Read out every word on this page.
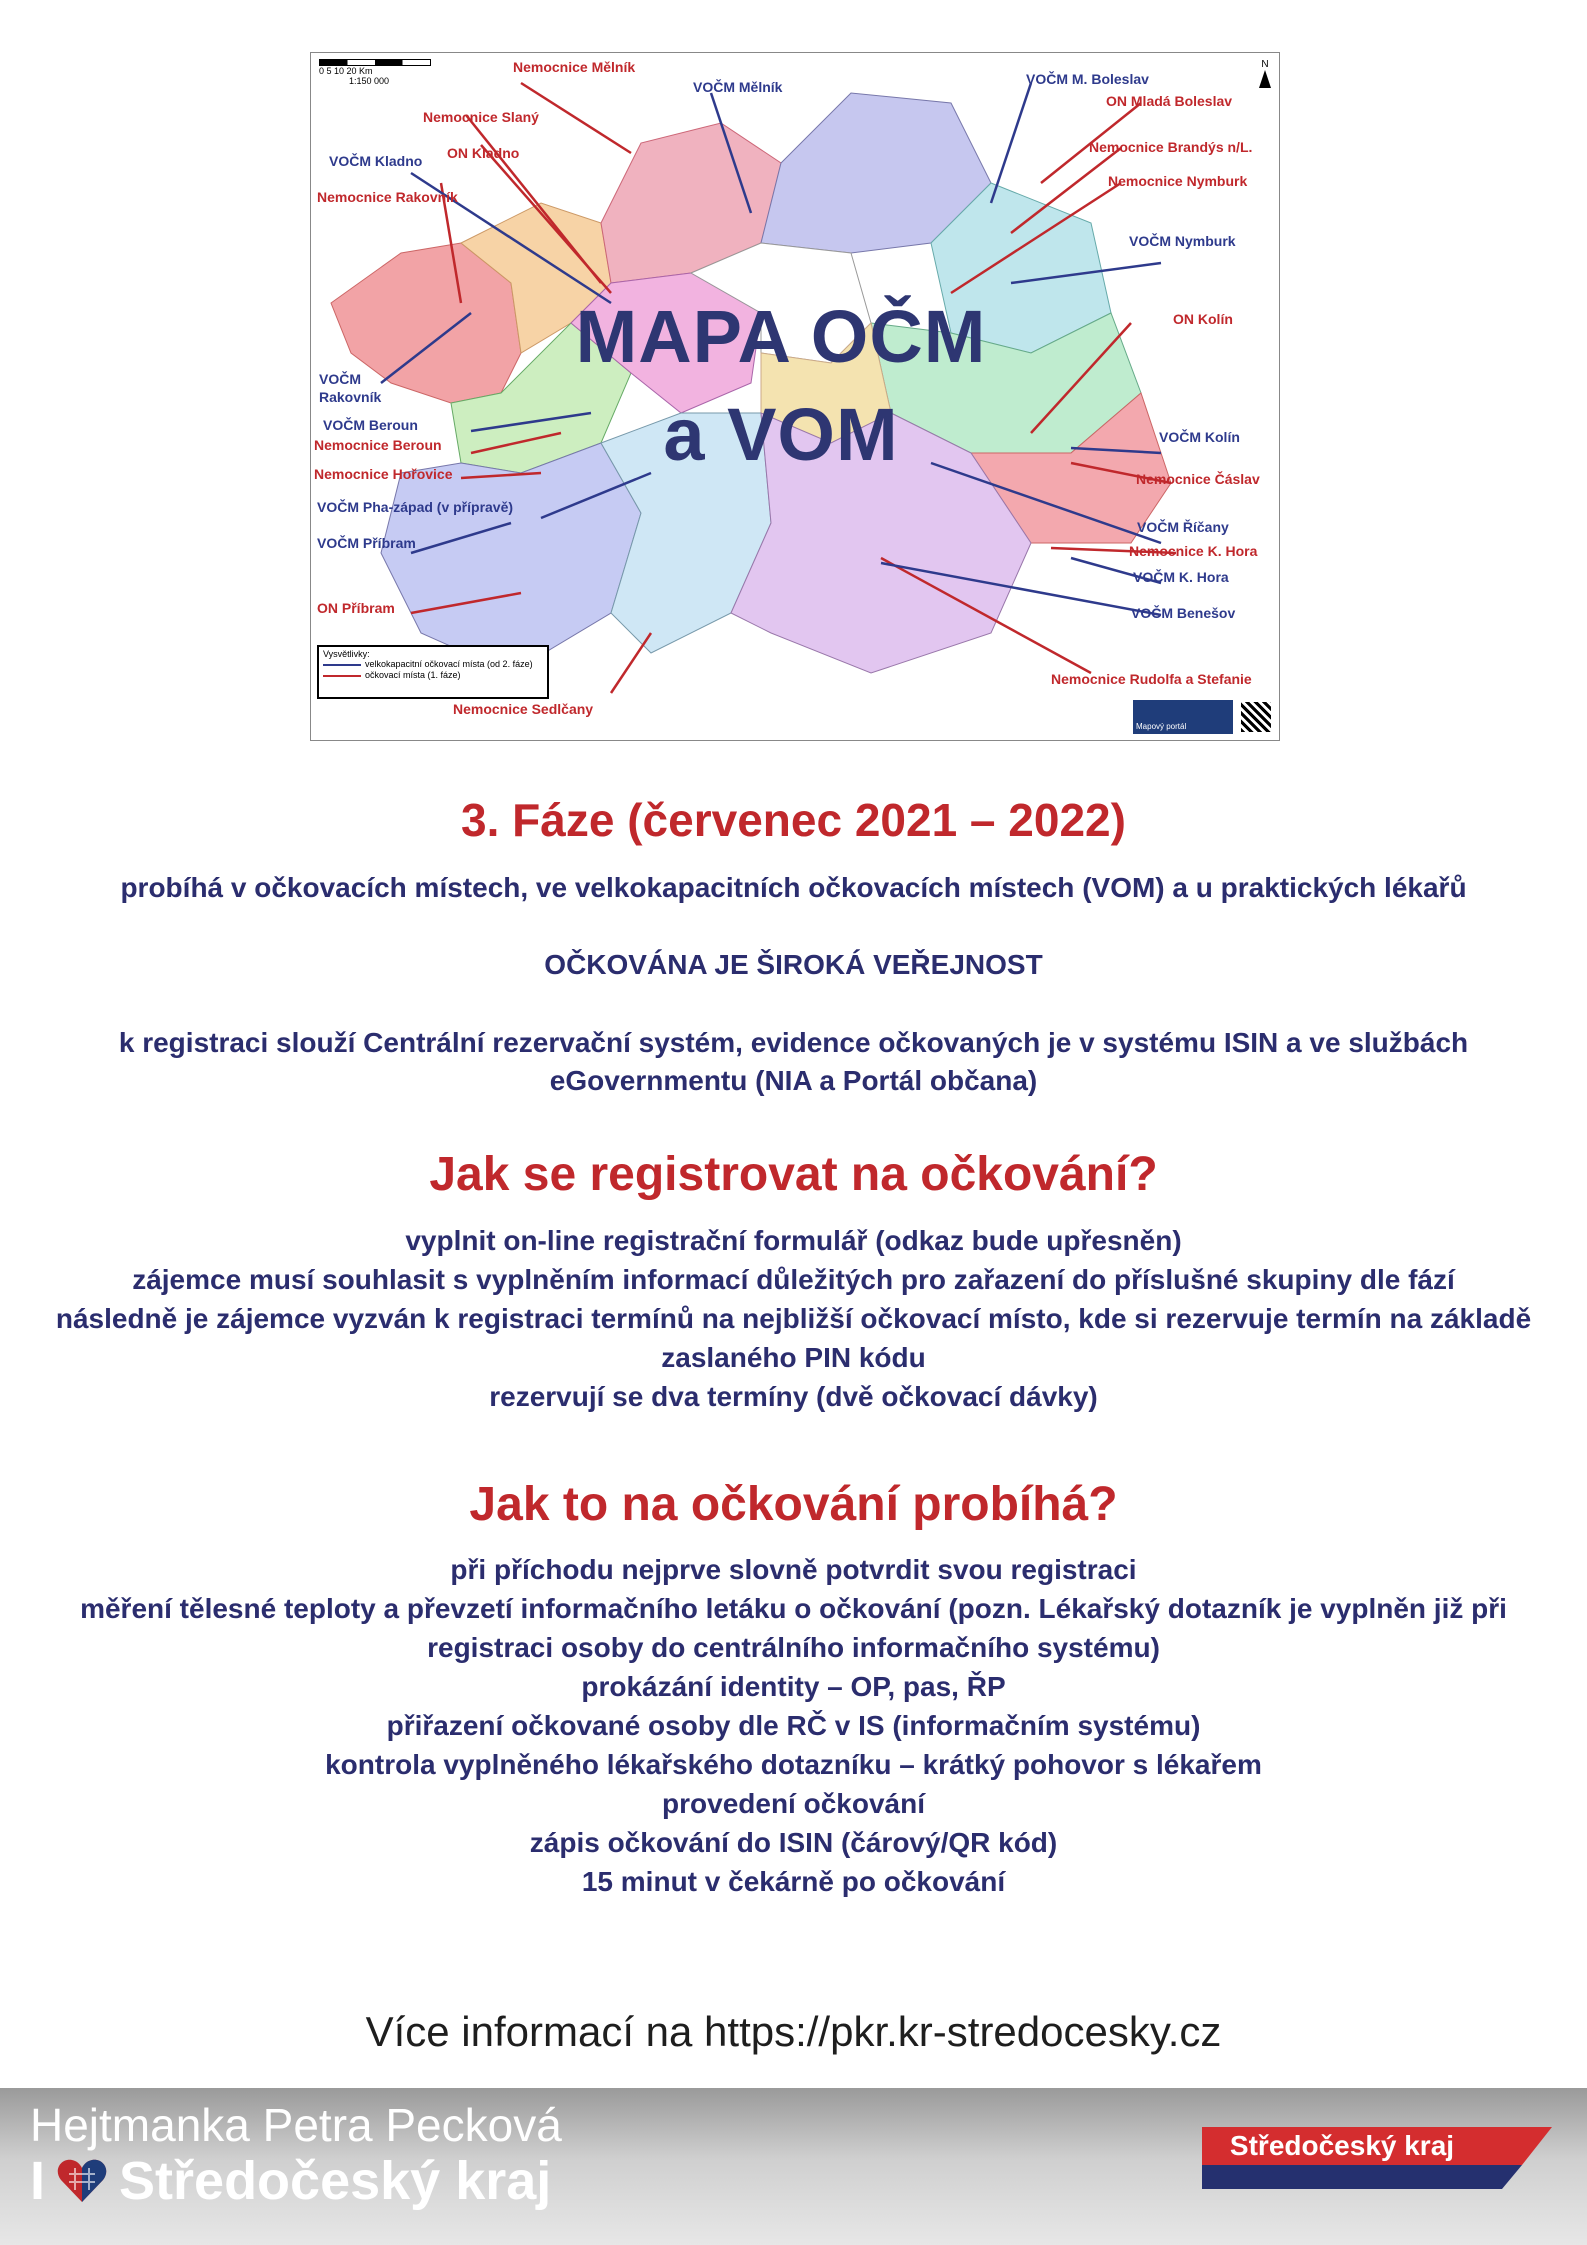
0 5 10 20 Km
1:150 000
N
Nemocnice Mělník
Nemocnice Slaný
ON Kladno
Nemocnice Rakovník
ON Mladá Boleslav
Nemocnice Brandýs n/L.
Nemocnice Nymburk
ON Kolín
Nemocnice Čáslav
Nemocnice K. Hora
Nemocnice Beroun
Nemocnice Hořovice
ON Příbram
Nemocnice Rudolfa a Stefanie
Nemocnice Sedlčany
VOČM Mělník	VOČM M. Boleslav
VOČM Kladno
VOČM Nymburk
VOČM
Rakovník
VOČM Beroun
VOČM Kolín
VOČM Pha-západ (v přípravě)
VOČM Říčany
VOČM Příbram
VOČM K. Hora
VOČM Benešov
MAPA OČM
a VOM
Vysvětlivky:
velkokapacitní očkovací místa (od 2. fáze)
očkovací místa (1. fáze)
Mapový portál
3. Fáze (červenec 2021 – 2022)
probíhá v očkovacích místech, ve velkokapacitních očkovacích místech (VOM) a u praktických lékařů
OČKOVÁNA JE ŠIROKÁ VEŘEJNOST
k registraci slouží Centrální rezervační systém, evidence očkovaných je v systému ISIN a ve službách
eGovernmentu (NIA a Portál občana)
Jak se registrovat na očkování?
vyplnit on-line registrační formulář (odkaz bude upřesněn)
zájemce musí souhlasit s vyplněním informací důležitých pro zařazení do příslušné skupiny dle fází
následně je zájemce vyzván k registraci termínů na nejbližší očkovací místo, kde si rezervuje termín na základě
zaslaného PIN kódu
rezervují se dva termíny (dvě očkovací dávky)
Jak to na očkování probíhá?
při příchodu nejprve slovně potvrdit svou registraci
měření tělesné teploty a převzetí informačního letáku o očkování (pozn. Lékařský dotazník je vyplněn již při
registraci osoby do centrálního informačního systému)
prokázání identity – OP, pas, ŘP
přiřazení očkované osoby dle RČ v IS (informačním systému)
kontrola vyplněného lékařského dotazníku – krátký pohovor s lékařem
provedení očkování
zápis očkování do ISIN (čárový/QR kód)
15 minut v čekárně po očkování
Více informací na https://pkr.kr-stredocesky.cz
Hejtmanka Petra Pecková
I Středočeský kraj
Středočeský kraj
